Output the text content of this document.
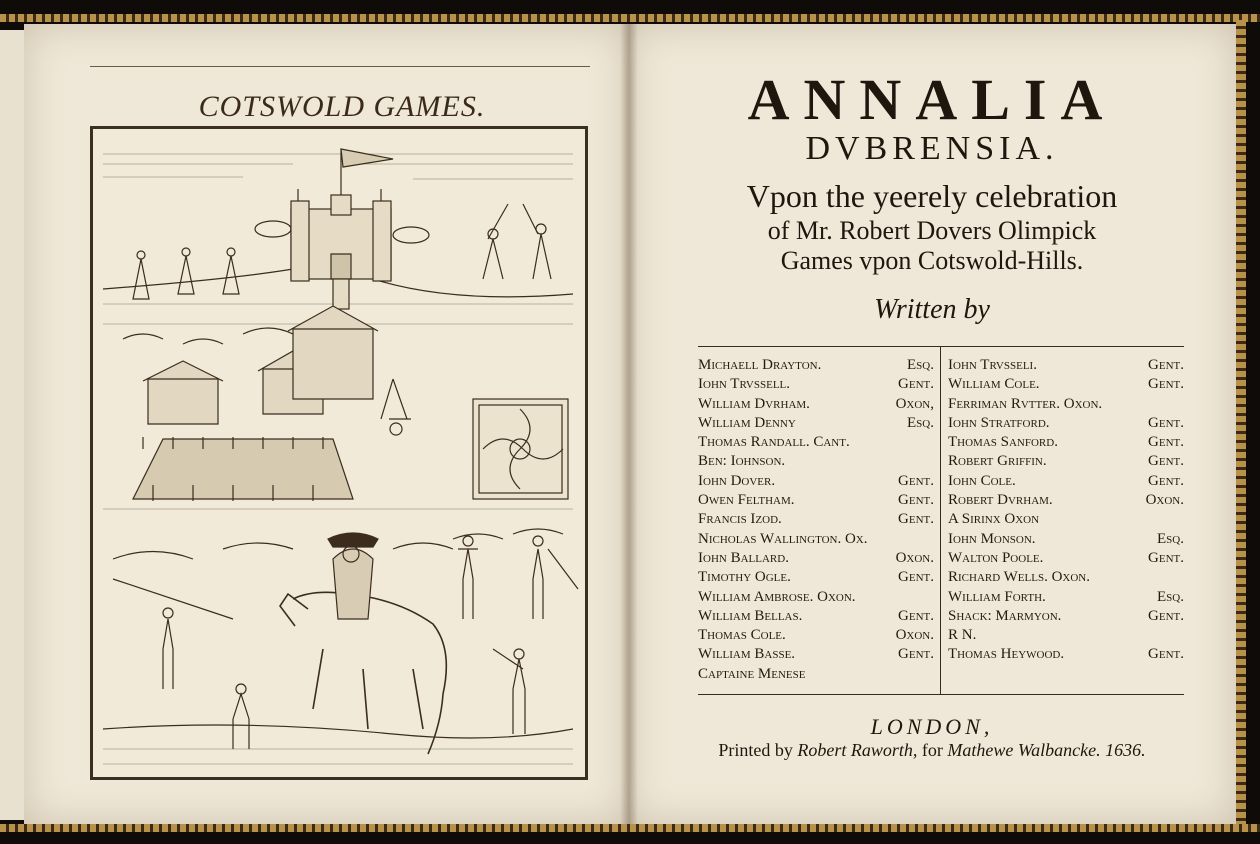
COTSWOLD GAMES.	ANNALIA
DVBRENSIA.
Vpon the yeerely celebration
of Mr. Robert Dovers Olimpick
Games vpon Cotswold-Hills.
Written by
Michaell Drayton.	Esq.
Iohn Trvssell.	Gent.
William Dvrham.	Oxon,
William Denny	Esq.
Thomas Randall. Cant.
Ben: Iohnson.
Iohn Dover.	Gent.
Owen Feltham.	Gent.
Francis Izod.	Gent.
Nicholas Wallington. Ox.
Iohn Ballard.	Oxon.
Timothy Ogle.	Gent.
William Ambrose. Oxon.
William Bellas.	Gent.
Thomas Cole.	Oxon.
William Basse.	Gent.
Captaine Menese
Iohn Trvsseli.	Gent.
William Cole.	Gent.
Ferriman Rvtter. Oxon.
Iohn Stratford.	Gent.
Thomas Sanford.	Gent.
Robert Griffin.	Gent.
Iohn Cole.	Gent.
Robert Dvrham.	Oxon.
A Sirinx Oxon
Iohn Monson.	Esq.
Walton Poole.	Gent.
Richard Wells. Oxon.
William Forth.	Esq.
Shack: Marmyon.	Gent.
R N.
Thomas Heywood.	Gent.
LONDON,
Printed by Robert Raworth, for Mathewe Walbancke. 1636.
